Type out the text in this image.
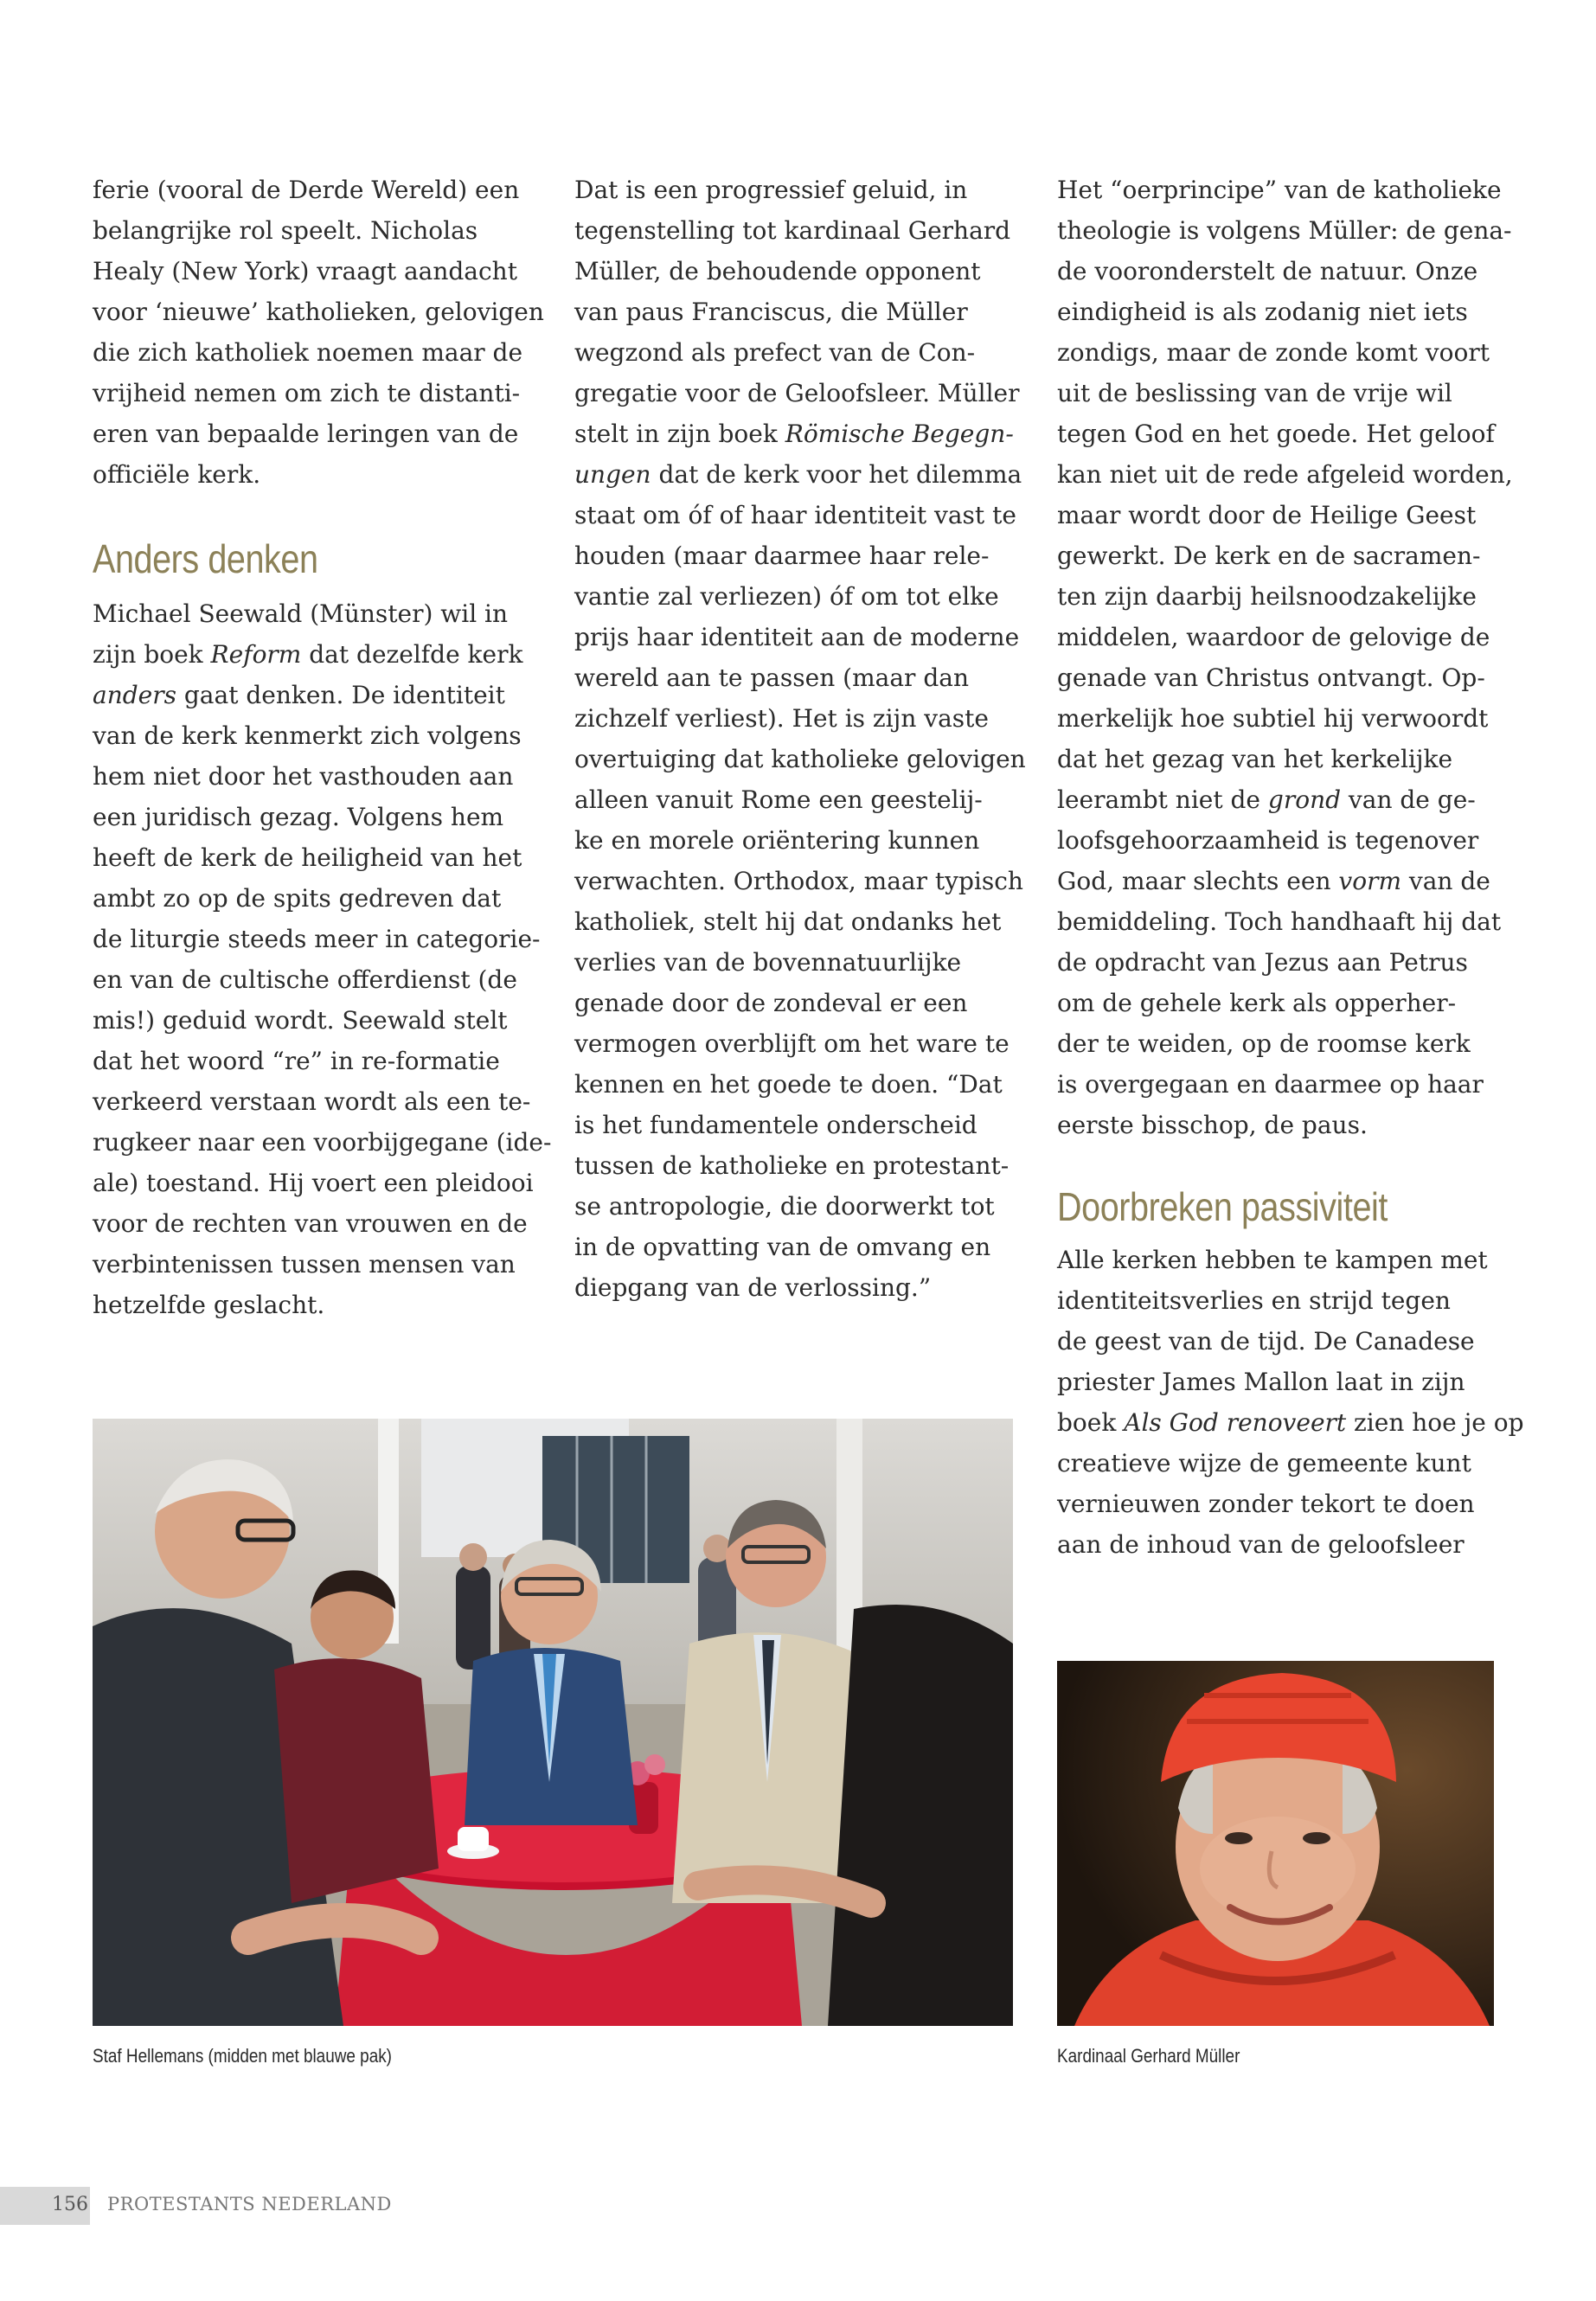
ferie (vooral de Derde Wereld) een
belangrijke rol speelt. Nicholas
Healy (New York) vraagt aandacht
voor ‘nieuwe’ katholieken, gelovigen
die zich katholiek noemen maar de
vrijheid nemen om zich te distanti-
eren van bepaalde leringen van de
officiële kerk.
Anders denken
Michael Seewald (Münster) wil in
zijn boek Reform dat dezelfde kerk
anders gaat denken. De identiteit
van de kerk kenmerkt zich volgens
hem niet door het vasthouden aan
een juridisch gezag. Volgens hem
heeft de kerk de heiligheid van het
ambt zo op de spits gedreven dat
de liturgie steeds meer in categorie-
en van de cultische offerdienst (de
mis!) geduid wordt. Seewald stelt
dat het woord “re” in re-formatie
verkeerd verstaan wordt als een te-
rugkeer naar een voorbijgegane (ide-
ale) toestand. Hij voert een pleidooi
voor de rechten van vrouwen en de
verbintenissen tussen mensen van
hetzelfde geslacht.
Dat is een progressief geluid, in
tegenstelling tot kardinaal Gerhard
Müller, de behoudende opponent
van paus Franciscus, die Müller
wegzond als prefect van de Con-
gregatie voor de Geloofsleer. Müller
stelt in zijn boek Römische Begegn-
ungen dat de kerk voor het dilemma
staat om óf of haar identiteit vast te
houden (maar daarmee haar rele-
vantie zal verliezen) óf om tot elke
prijs haar identiteit aan de moderne
wereld aan te passen (maar dan
zichzelf verliest). Het is zijn vaste
overtuiging dat katholieke gelovigen
alleen vanuit Rome een geestelij-
ke en morele oriëntering kunnen
verwachten. Orthodox, maar typisch
katholiek, stelt hij dat ondanks het
verlies van de bovennatuurlijke
genade door de zondeval er een
vermogen overblijft om het ware te
kennen en het goede te doen. “Dat
is het fundamentele onderscheid
tussen de katholieke en protestant-
se antropologie, die doorwerkt tot
in de opvatting van de omvang en
diepgang van de verlossing.”
Het “oerprincipe” van de katholieke
theologie is volgens Müller: de gena-
de vooronderstelt de natuur. Onze
eindigheid is als zodanig niet iets
zondigs, maar de zonde komt voort
uit de beslissing van de vrije wil
tegen God en het goede. Het geloof
kan niet uit de rede afgeleid worden,
maar wordt door de Heilige Geest
gewerkt. De kerk en de sacramen-
ten zijn daarbij heilsnoodzakelijke
middelen, waardoor de gelovige de
genade van Christus ontvangt. Op-
merkelijk hoe subtiel hij verwoordt
dat het gezag van het kerkelijke
leerambt niet de grond van de ge-
loofsgehoorzaamheid is tegenover
God, maar slechts een vorm van de
bemiddeling. Toch handhaaft hij dat
de opdracht van Jezus aan Petrus
om de gehele kerk als opperher-
der te weiden, op de roomse kerk
is overgegaan en daarmee op haar
eerste bisschop, de paus.
Doorbreken passiviteit
Alle kerken hebben te kampen met
identiteitsverlies en strijd tegen
de geest van de tijd. De Canadese
priester James Mallon laat in zijn
boek Als God renoveert zien hoe je op
creatieve wijze de gemeente kunt
vernieuwen zonder tekort te doen
aan de inhoud van de geloofsleer
Staf Hellemans (midden met blauwe pak)	Kardinaal Gerhard Müller
156 PROTESTANTS NEDERLAND
